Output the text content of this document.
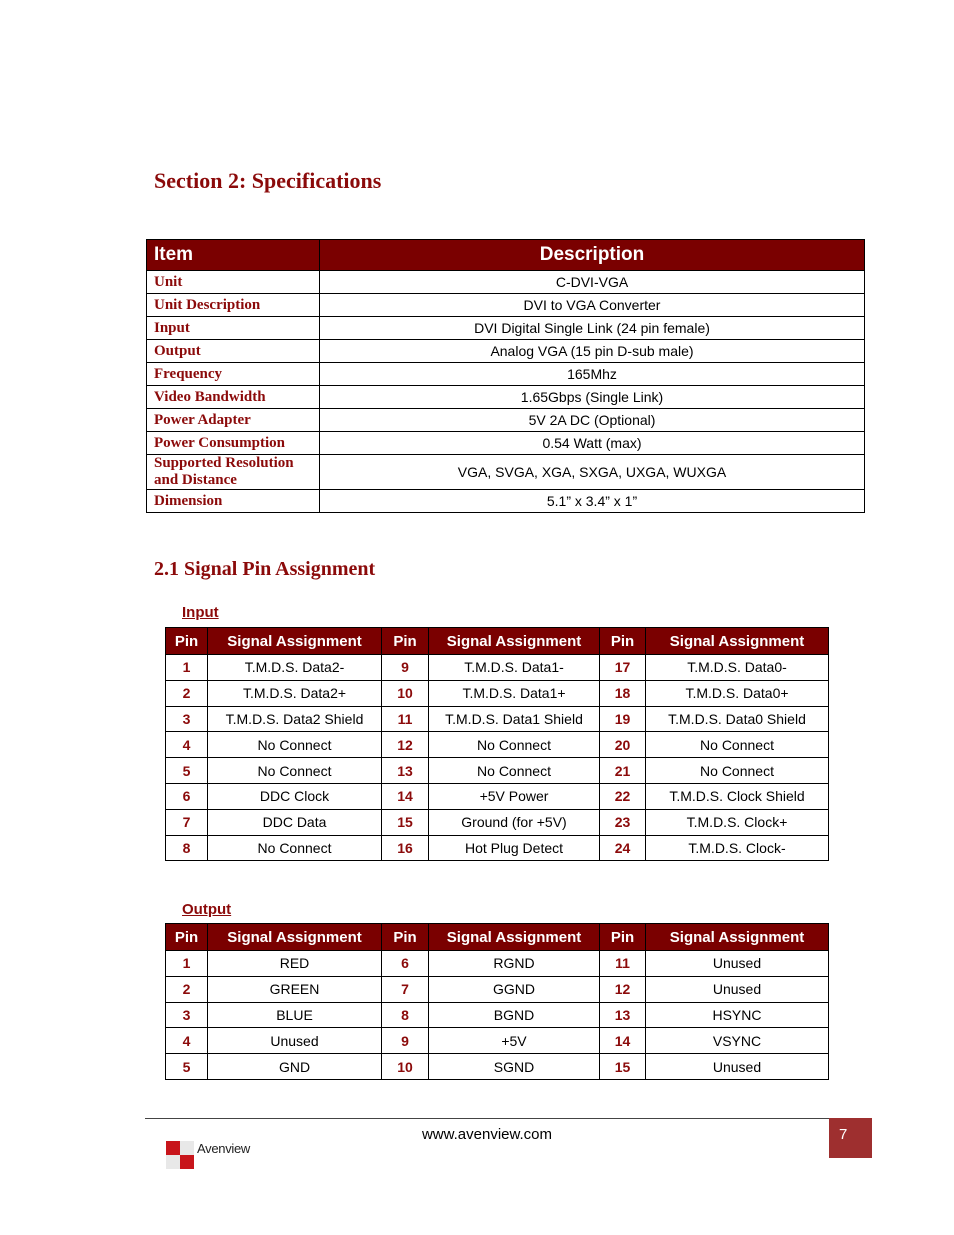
Section 2: Specifications
Item	Description
Unit	C-DVI-VGA
Unit Description	DVI to VGA Converter
Input	DVI Digital Single Link (24 pin female)
Output	Analog VGA (15 pin D-sub male)
Frequency	165Mhz
Video Bandwidth	1.65Gbps (Single Link)
Power Adapter	5V 2A DC (Optional)
Power Consumption	0.54 Watt (max)
Supported Resolution and Distance	VGA, SVGA, XGA, SXGA, UXGA, WUXGA
Dimension	5.1” x 3.4” x 1”
2.1 Signal Pin Assignment
Input
Pin	Signal Assignment	Pin	Signal Assignment	Pin	Signal Assignment
1	T.M.D.S. Data2-	9	T.M.D.S. Data1-	17	T.M.D.S. Data0-
2	T.M.D.S. Data2+	10	T.M.D.S. Data1+	18	T.M.D.S. Data0+
3	T.M.D.S. Data2 Shield	11	T.M.D.S. Data1 Shield	19	T.M.D.S. Data0 Shield
4	No Connect	12	No Connect	20	No Connect
5	No Connect	13	No Connect	21	No Connect
6	DDC Clock	14	+5V Power	22	T.M.D.S. Clock Shield
7	DDC Data	15	Ground (for +5V)	23	T.M.D.S. Clock+
8	No Connect	16	Hot Plug Detect	24	T.M.D.S. Clock-
Output
Pin	Signal Assignment	Pin	Signal Assignment	Pin	Signal Assignment
1	RED	6	RGND	11	Unused
2	GREEN	7	GGND	12	Unused
3	BLUE	8	BGND	13	HSYNC
4	Unused	9	+5V	14	VSYNC
5	GND	10	SGND	15	Unused
www.avenview.com	7
Avenview
